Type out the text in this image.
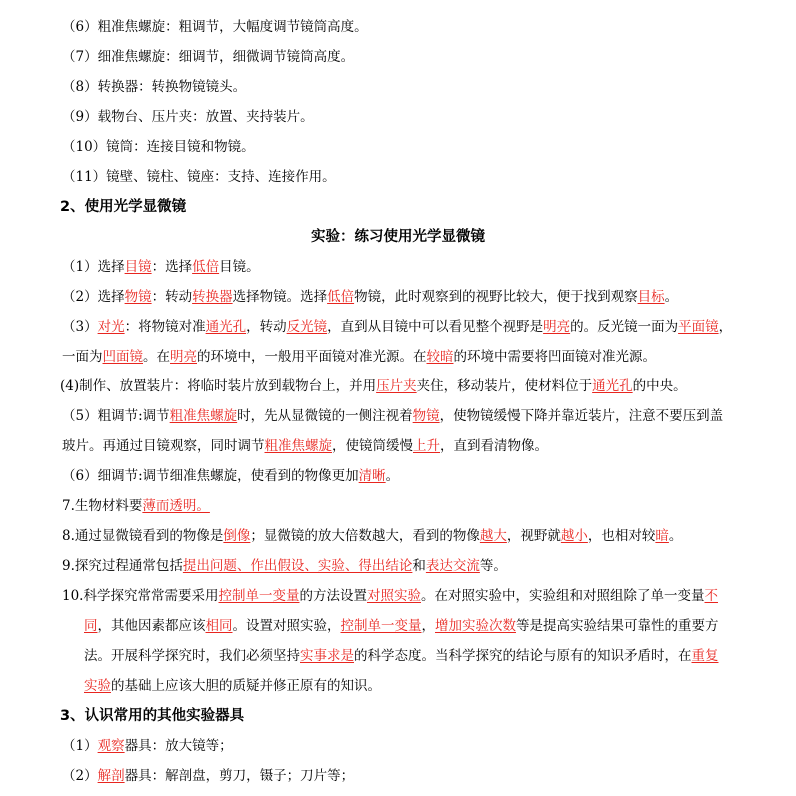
（6）粗准焦螺旋：粗调节，大幅度调节镜筒高度。
（7）细准焦螺旋：细调节，细微调节镜筒高度。
（8）转换器：转换物镜镜头。
（9）载物台、压片夹：放置、夹持装片。
（10）镜筒：连接目镜和物镜。
（11）镜壁、镜柱、镜座：支持、连接作用。
2、使用光学显微镜
实验：练习使用光学显微镜
（1）选择目镜：选择低倍目镜。
（2）选择物镜：转动转换器选择物镜。选择低倍物镜，此时观察到的视野比较大，便于找到观察目标。
（3）对光：将物镜对准通光孔，转动反光镜，直到从目镜中可以看见整个视野是明亮的。反光镜一面为平面镜，
一面为凹面镜。在明亮的环境中，一般用平面镜对准光源。在较暗的环境中需要将凹面镜对准光源。
(4)制作、放置装片：将临时装片放到载物台上，并用压片夹夹住，移动装片，使材料位于通光孔的中央。
（5）粗调节:调节粗准焦螺旋时，先从显微镜的一侧注视着物镜，使物镜缓慢下降并靠近装片，注意不要压到盖
玻片。再通过目镜观察，同时调节粗准焦螺旋，使镜筒缓慢上升，直到看清物像。
（6）细调节:调节细准焦螺旋，使看到的物像更加清晰。
7.生物材料要薄而透明。
8.通过显微镜看到的物像是倒像；显微镜的放大倍数越大，看到的物像越大，视野就越小，也相对较暗。
9.探究过程通常包括提出问题、作出假设、实验、得出结论和表达交流等。
10.科学探究常常需要采用控制单一变量的方法设置对照实验。在对照实验中，实验组和对照组除了单一变量不
同，其他因素都应该相同。设置对照实验，控制单一变量，增加实验次数等是提高实验结果可靠性的重要方
法。开展科学探究时，我们必须坚持实事求是的科学态度。当科学探究的结论与原有的知识矛盾时，在重复
实验的基础上应该大胆的质疑并修正原有的知识。
3、认识常用的其他实验器具
（1）观察器具：放大镜等；
（2）解剖器具：解剖盘，剪刀，镊子；刀片等；
